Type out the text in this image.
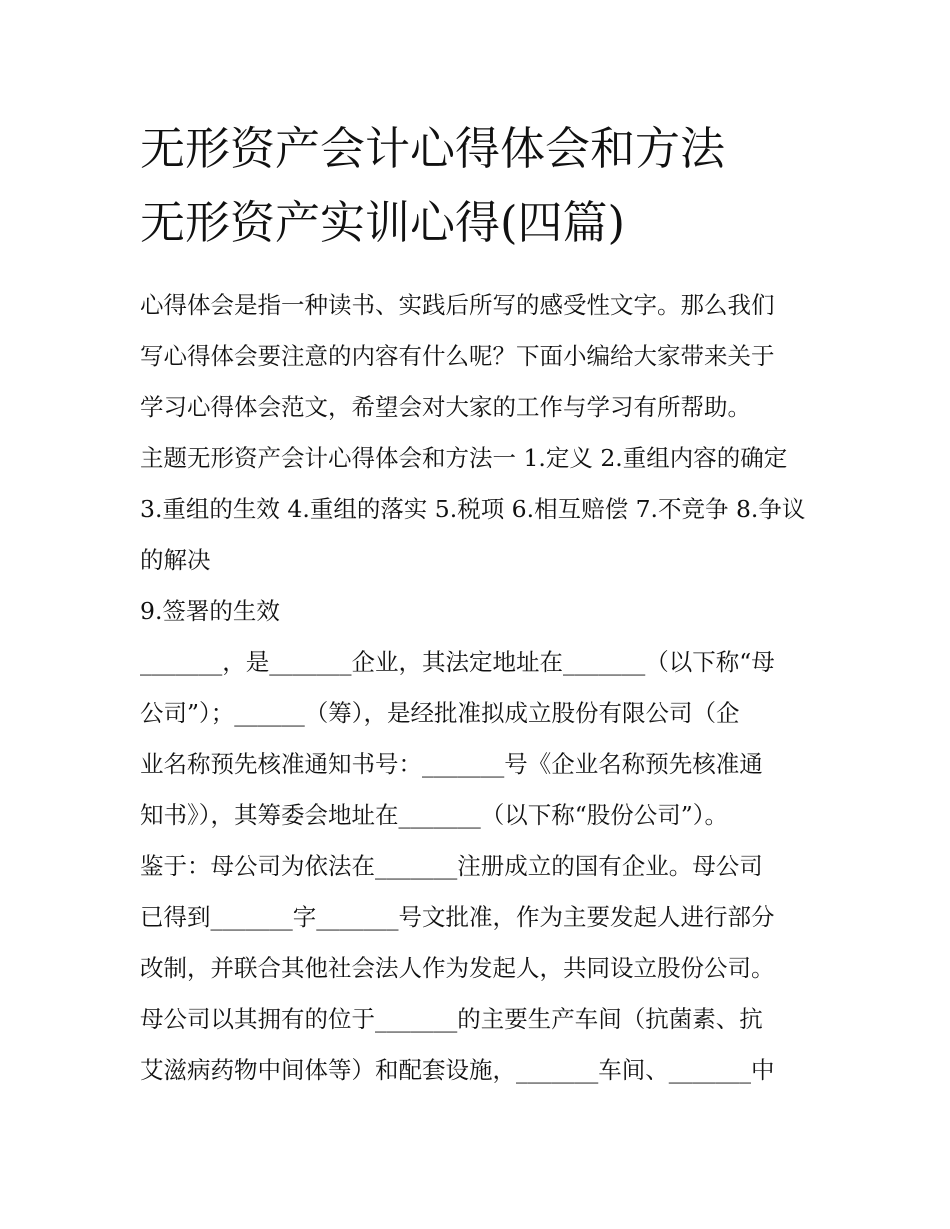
无形资产会计心得体会和方法
无形资产实训心得(四篇)
心得体会是指一种读书、实践后所写的感受性文字。那么我们
写心得体会要注意的内容有什么呢？下面小编给大家带来关于
学习心得体会范文，希望会对大家的工作与学习有所帮助。
主题无形资产会计心得体会和方法一 1.定义 2.重组内容的确定
3.重组的生效 4.重组的落实 5.税项 6.相互赔偿 7.不竞争 8.争议
的解决
9.签署的生效
_______，是_______企业，其法定地址在_______（以下称“母
公司”）；______（筹），是经批准拟成立股份有限公司（企
业名称预先核准通知书号：_______号《企业名称预先核准通
知书》），其筹委会地址在_______（以下称“股份公司”）。
鉴于：母公司为依法在_______注册成立的国有企业。母公司
已得到_______字_______号文批准，作为主要发起人进行部分
改制，并联合其他社会法人作为发起人，共同设立股份公司。
母公司以其拥有的位于_______的主要生产车间（抗菌素、抗
艾滋病药物中间体等）和配套设施，_______车间、_______中
